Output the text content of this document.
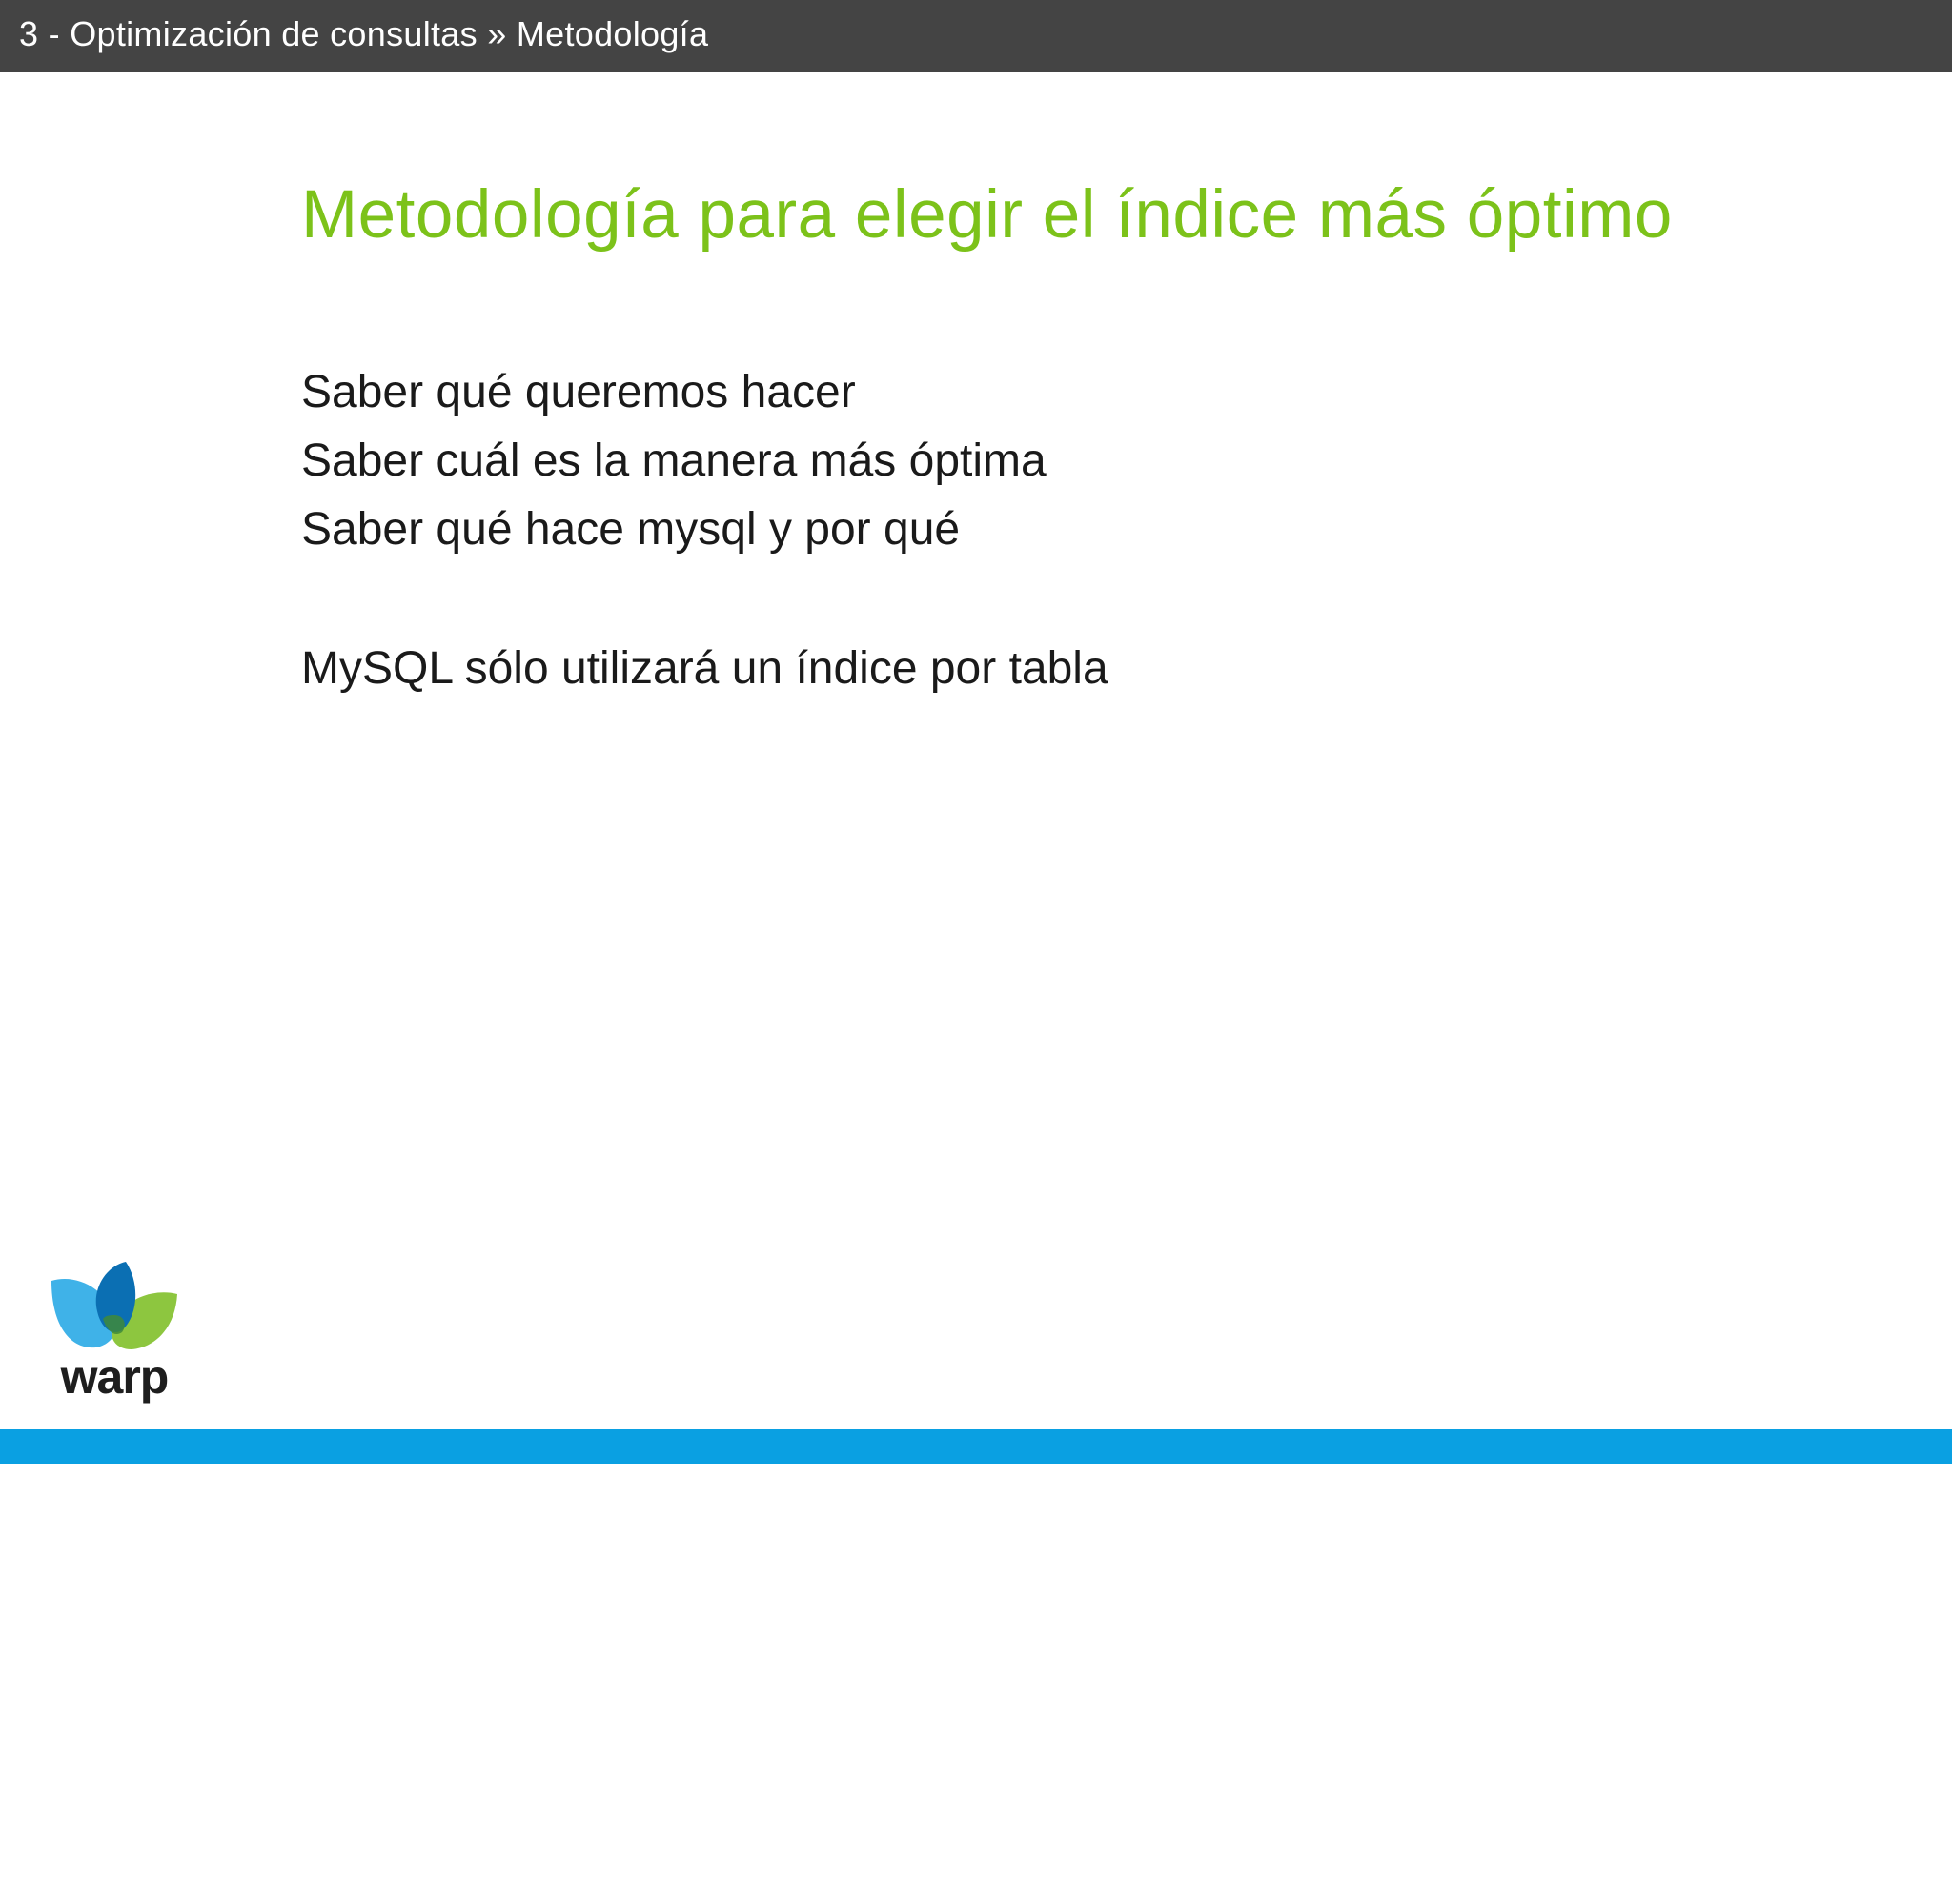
3 - Optimización de consultas » Metodología
Metodología para elegir el índice más óptimo
Saber qué queremos hacer
Saber cuál es la manera más óptima
Saber qué hace mysql y por qué

MySQL sólo utilizará un índice por tabla

warp
